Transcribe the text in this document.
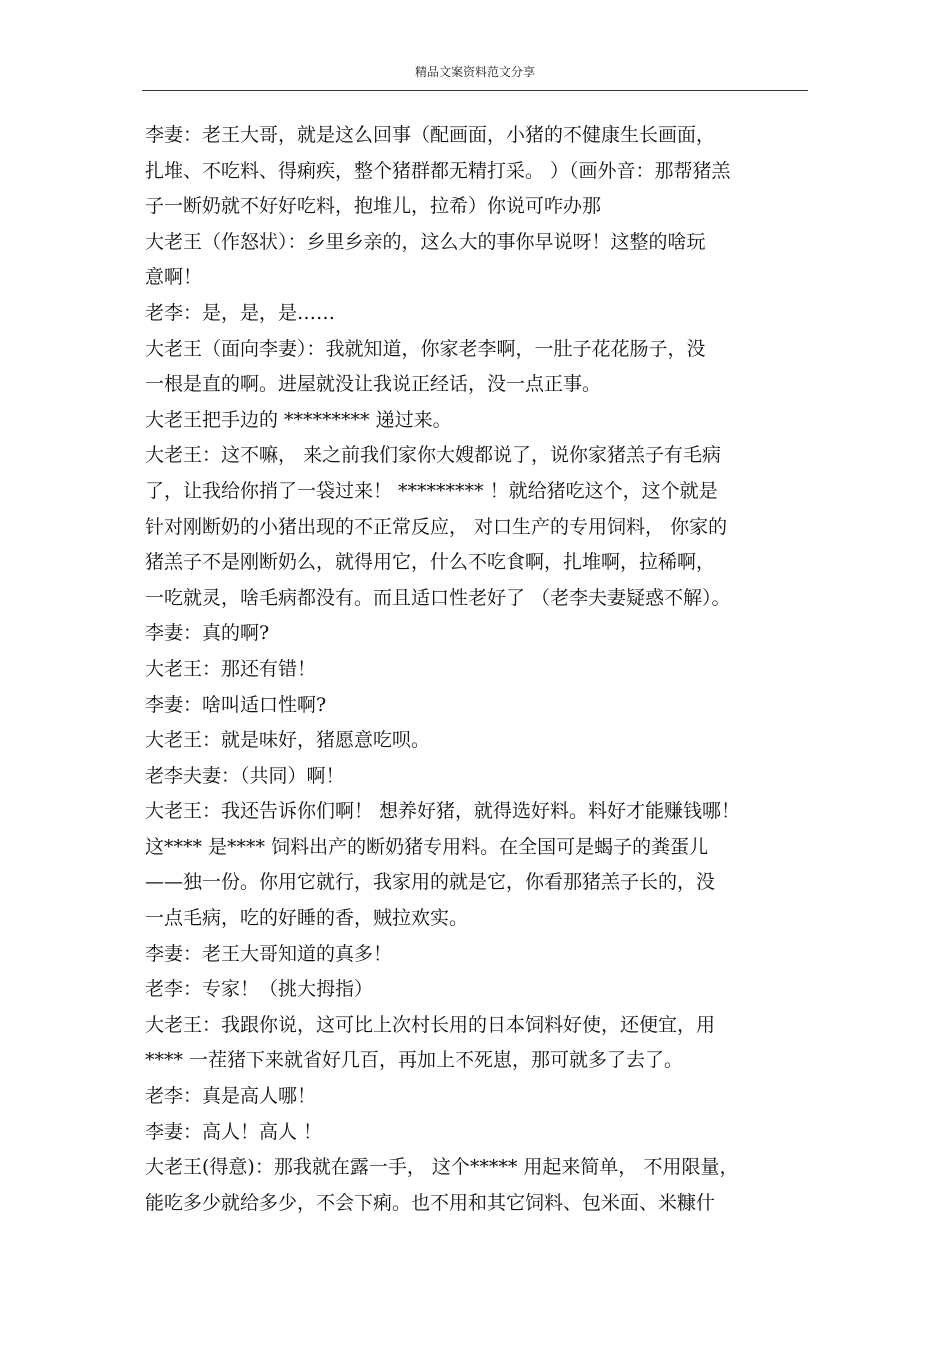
精品文案资料范文分享
李妻：老王大哥，就是这么回事（配画面，小猪的不健康生长画面，
扎堆、不吃料、得痢疾，整个猪群都无精打采。 ）（画外音：那帮猪羔
子一断奶就不好好吃料，抱堆儿，拉希）你说可咋办那
大老王（作怒状）：乡里乡亲的，这么大的事你早说呀！这整的啥玩
意啊！
老李：是，是，是……
大老王（面向李妻）：我就知道，你家老李啊，一肚子花花肠子，没
一根是直的啊。进屋就没让我说正经话，没一点正事。
大老王把手边的 ********* 递过来。
大老王：这不嘛， 来之前我们家你大嫂都说了，说你家猪羔子有毛病
了，让我给你捎了一袋过来！ ********* ！就给猪吃这个，这个就是
针对刚断奶的小猪出现的不正常反应， 对口生产的专用饲料， 你家的
猪羔子不是刚断奶么，就得用它，什么不吃食啊，扎堆啊，拉稀啊，
一吃就灵，啥毛病都没有。而且适口性老好了 （老李夫妻疑惑不解）。
李妻：真的啊?
大老王：那还有错！
李妻：啥叫适口性啊?
大老王：就是味好，猪愿意吃呗。
老李夫妻：（共同）啊！
大老王：我还告诉你们啊！ 想养好猪，就得选好料。料好才能赚钱哪！
这**** 是**** 饲料出产的断奶猪专用料。在全国可是蝎子的粪蛋儿
——独一份。你用它就行，我家用的就是它，你看那猪羔子长的，没
一点毛病，吃的好睡的香，贼拉欢实。
李妻：老王大哥知道的真多！
老李：专家！（挑大拇指）
大老王：我跟你说，这可比上次村长用的日本饲料好使，还便宜，用
**** 一茬猪下来就省好几百，再加上不死崽，那可就多了去了。
老李：真是高人哪！
李妻：高人！高人 ！
大老王(得意)：那我就在露一手， 这个***** 用起来简单， 不用限量，
能吃多少就给多少，不会下痢。也不用和其它饲料、包米面、米糠什
